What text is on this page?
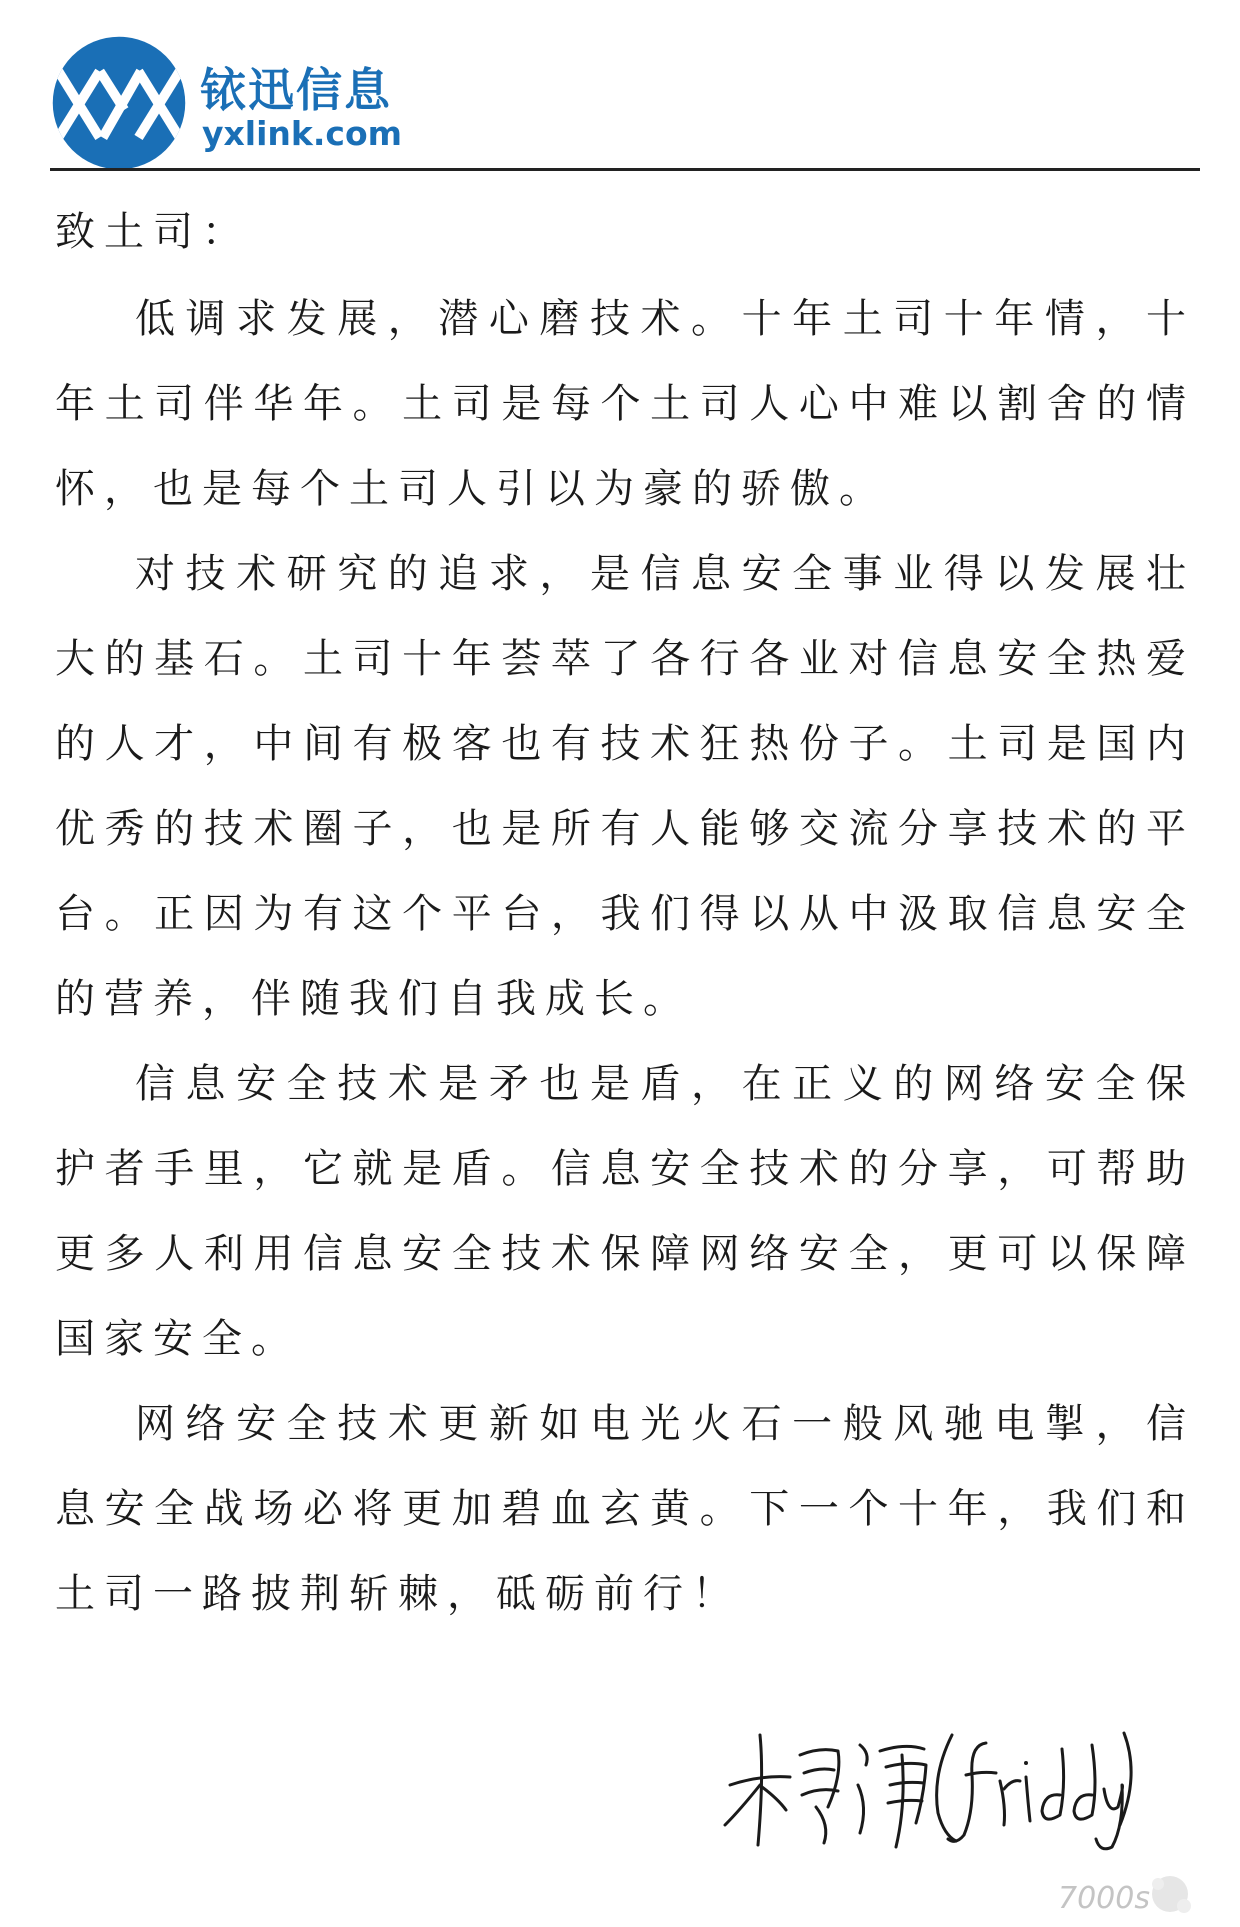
铱迅信息
yxlink.com

致土司：

低调求发展，潜心磨技术。十年土司十年情，十年土司伴华年。土司是每个土司人心中难以割舍的情怀，也是每个土司人引以为豪的骄傲。

对技术研究的追求，是信息安全事业得以发展壮大的基石。土司十年荟萃了各行各业对信息安全热爱的人才，中间有极客也有技术狂热份子。土司是国内优秀的技术圈子，也是所有人能够交流分享技术的平台。正因为有这个平台，我们得以从中汲取信息安全的营养，伴随我们自我成长。

信息安全技术是矛也是盾，在正义的网络安全保护者手里，它就是盾。信息安全技术的分享，可帮助更多人利用信息安全技术保障网络安全，更可以保障国家安全。

网络安全技术更新如电光火石一般风驰电掣，信息安全战场必将更加碧血玄黄。下一个十年，我们和土司一路披荆斩棘，砥砺前行！

7000s
